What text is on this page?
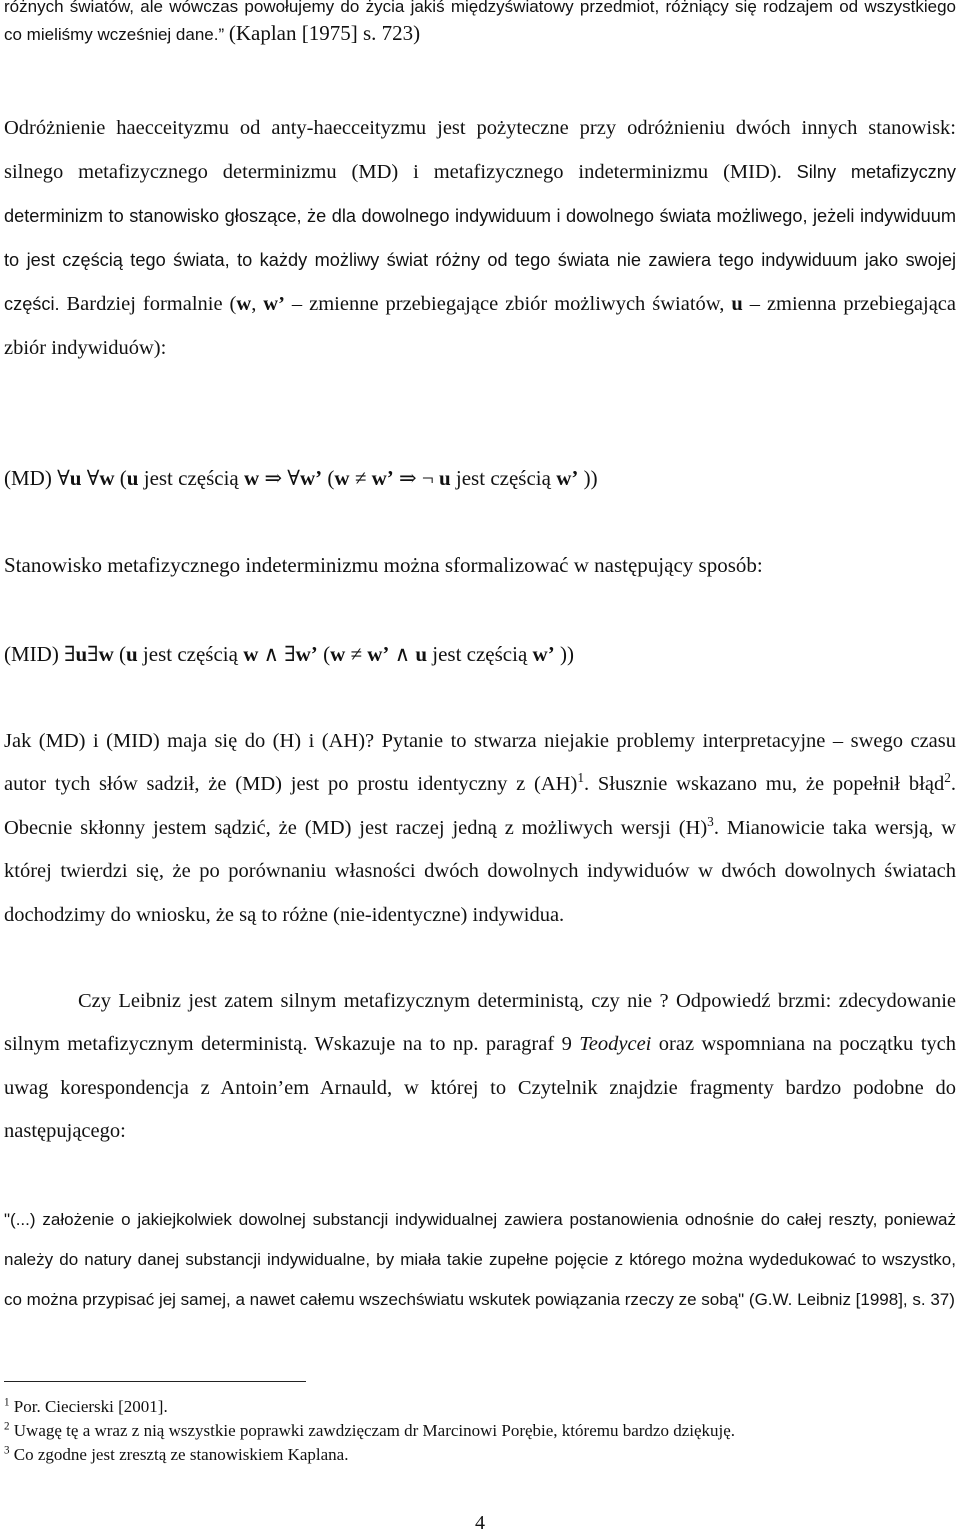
różnych światów, ale wówczas powołujemy do życia jakiś międzyświatowy przedmiot, różniący się rodzajem od wszystkiego co mieliśmy wcześniej dane.” (Kaplan [1975] s. 723)

Odróżnienie haecceityzmu od anty-haecceityzmu jest pożyteczne przy odróżnieniu dwóch innych stanowisk: silnego metafizycznego determinizmu (MD) i metafizycznego indeterminizmu (MID). Silny metafizyczny determinizm to stanowisko głoszące, że dla dowolnego indywiduum i dowolnego świata możliwego, jeżeli indywiduum to jest częścią tego świata, to każdy możliwy świat różny od tego świata nie zawiera tego indywiduum jako swojej części. Bardziej formalnie (w, w’ – zmienne przebiegające zbiór możliwych światów, u – zmienna przebiegająca zbiór indywiduów):

(MD) ∀u ∀w (u jest częścią w ⇒ ∀w’ (w ≠ w’ ⇒ ¬ u jest częścią w’ ))
Stanowisko metafizycznego indeterminizmu można sformalizować w następujący sposób:
(MID) ∃u∃w (u jest częścią w ∧ ∃w’ (w ≠ w’ ∧ u jest częścią w’ ))

Jak (MD) i (MID) maja się do (H) i (AH)? Pytanie to stwarza niejakie problemy interpretacyjne – swego czasu autor tych słów sadził, że (MD) jest po prostu identyczny z (AH)$^1$. Słusznie wskazano mu, że popełnił błąd$^2$. Obecnie skłonny jestem sądzić, że (MD) jest raczej jedną z możliwych wersji $(H)^3$. Mianowicie taka wersją, w której twierdzi się, że po porównaniu własności dwóch dowolnych indywiduów w dwóch dowolnych światach dochodzimy do wniosku, że są to różne (nie-identyczne) indywidua.

Czy Leibniz jest zatem silnym metafizycznym deterministą, czy nie ? Odpowiedź brzmi: zdecydowanie silnym metafizycznym deterministą. Wskazuje na to np. paragraf 9 Teodycei oraz wspomniana na początku tych uwag korespondencja z Antoin’em Arnauld, w której to Czytelnik znajdzie fragmenty bardzo podobne do następującego:

"(...) założenie o jakiejkolwiek dowolnej substancji indywidualnej zawiera postanowienia odnośnie do całej reszty, ponieważ należy do natury danej substancji indywidualne, by miała takie zupełne pojęcie z którego można wydedukować to wszystko, co można przypisać jej samej, a nawet całemu wszechświatu wskutek powiązania rzeczy ze sobą" (G.W. Leibniz [1998], s. 37)

$^1$ Por. Ciecierski [2001].
$^2$ Uwagę tę a wraz z nią wszystkie poprawki zawdzięczam dr Marcinowi Porębie, któremu bardzo dziękuję.
$^3$ Co zgodne jest zresztą ze stanowiskiem Kaplana.
4
